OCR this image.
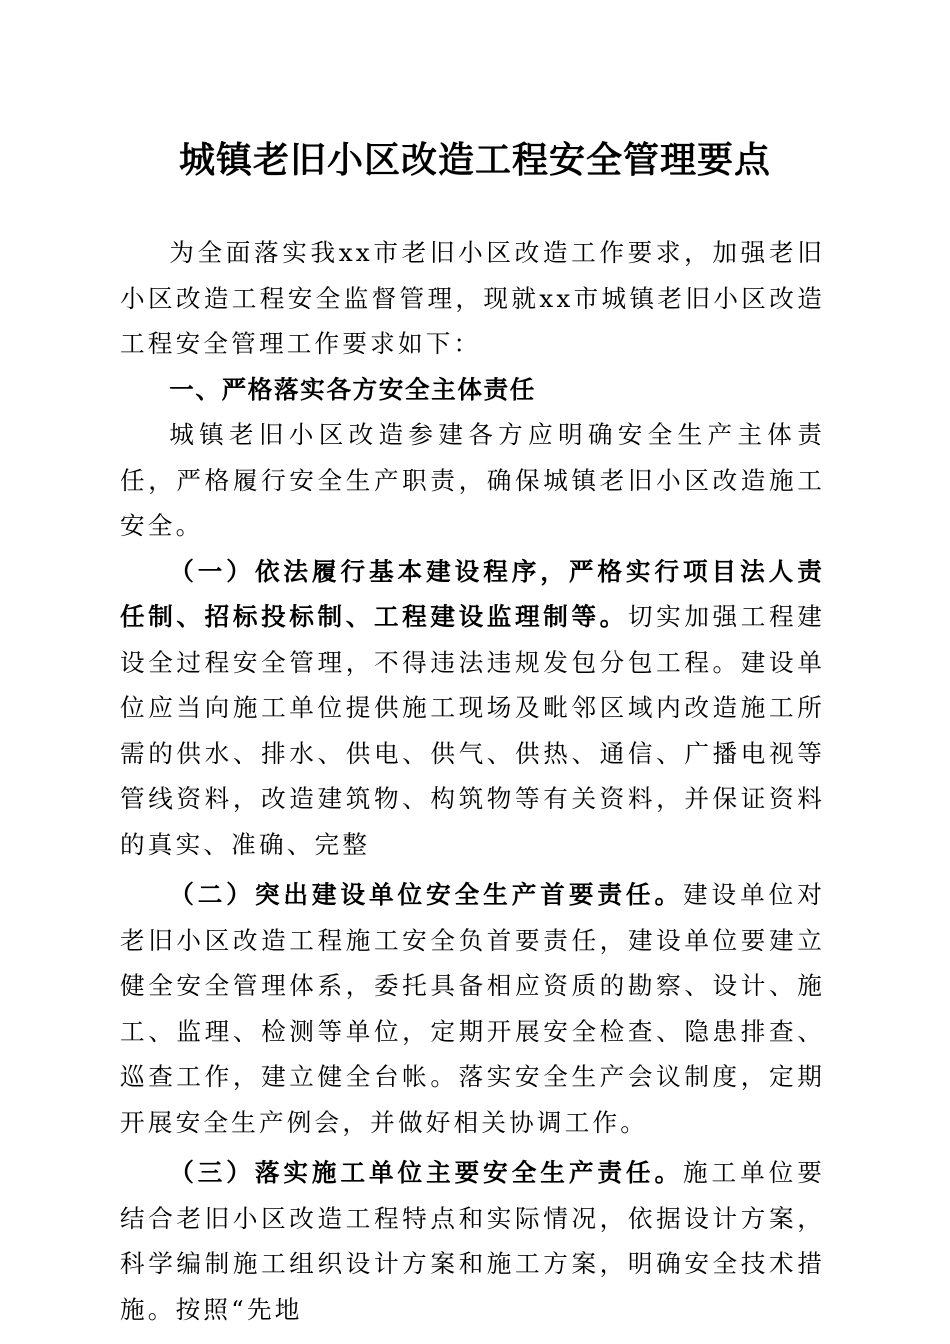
城镇老旧小区改造工程安全管理要点

为全面落实我xx市老旧小区改造工作要求，加强老旧小区改造工程安全监督管理，现就xx市城镇老旧小区改造工程安全管理工作要求如下：

一、严格落实各方安全主体责任

城镇老旧小区改造参建各方应明确安全生产主体责任，严格履行安全生产职责，确保城镇老旧小区改造施工安全。

（一）依法履行基本建设程序，严格实行项目法人责任制、招标投标制、工程建设监理制等。切实加强工程建设全过程安全管理，不得违法违规发包分包工程。建设单位应当向施工单位提供施工现场及毗邻区域内改造施工所需的供水、排水、供电、供气、供热、通信、广播电视等管线资料，改造建筑物、构筑物等有关资料，并保证资料的真实、准确、完整

（二）突出建设单位安全生产首要责任。建设单位对老旧小区改造工程施工安全负首要责任，建设单位要建立健全安全管理体系，委托具备相应资质的勘察、设计、施工、监理、检测等单位，定期开展安全检查、隐患排查、巡查工作，建立健全台帐。落实安全生产会议制度，定期开展安全生产例会，并做好相关协调工作。

（三）落实施工单位主要安全生产责任。施工单位要结合老旧小区改造工程特点和实际情况，依据设计方案，科学编制施工组织设计方案和施工方案，明确安全技术措施。按照“先地
